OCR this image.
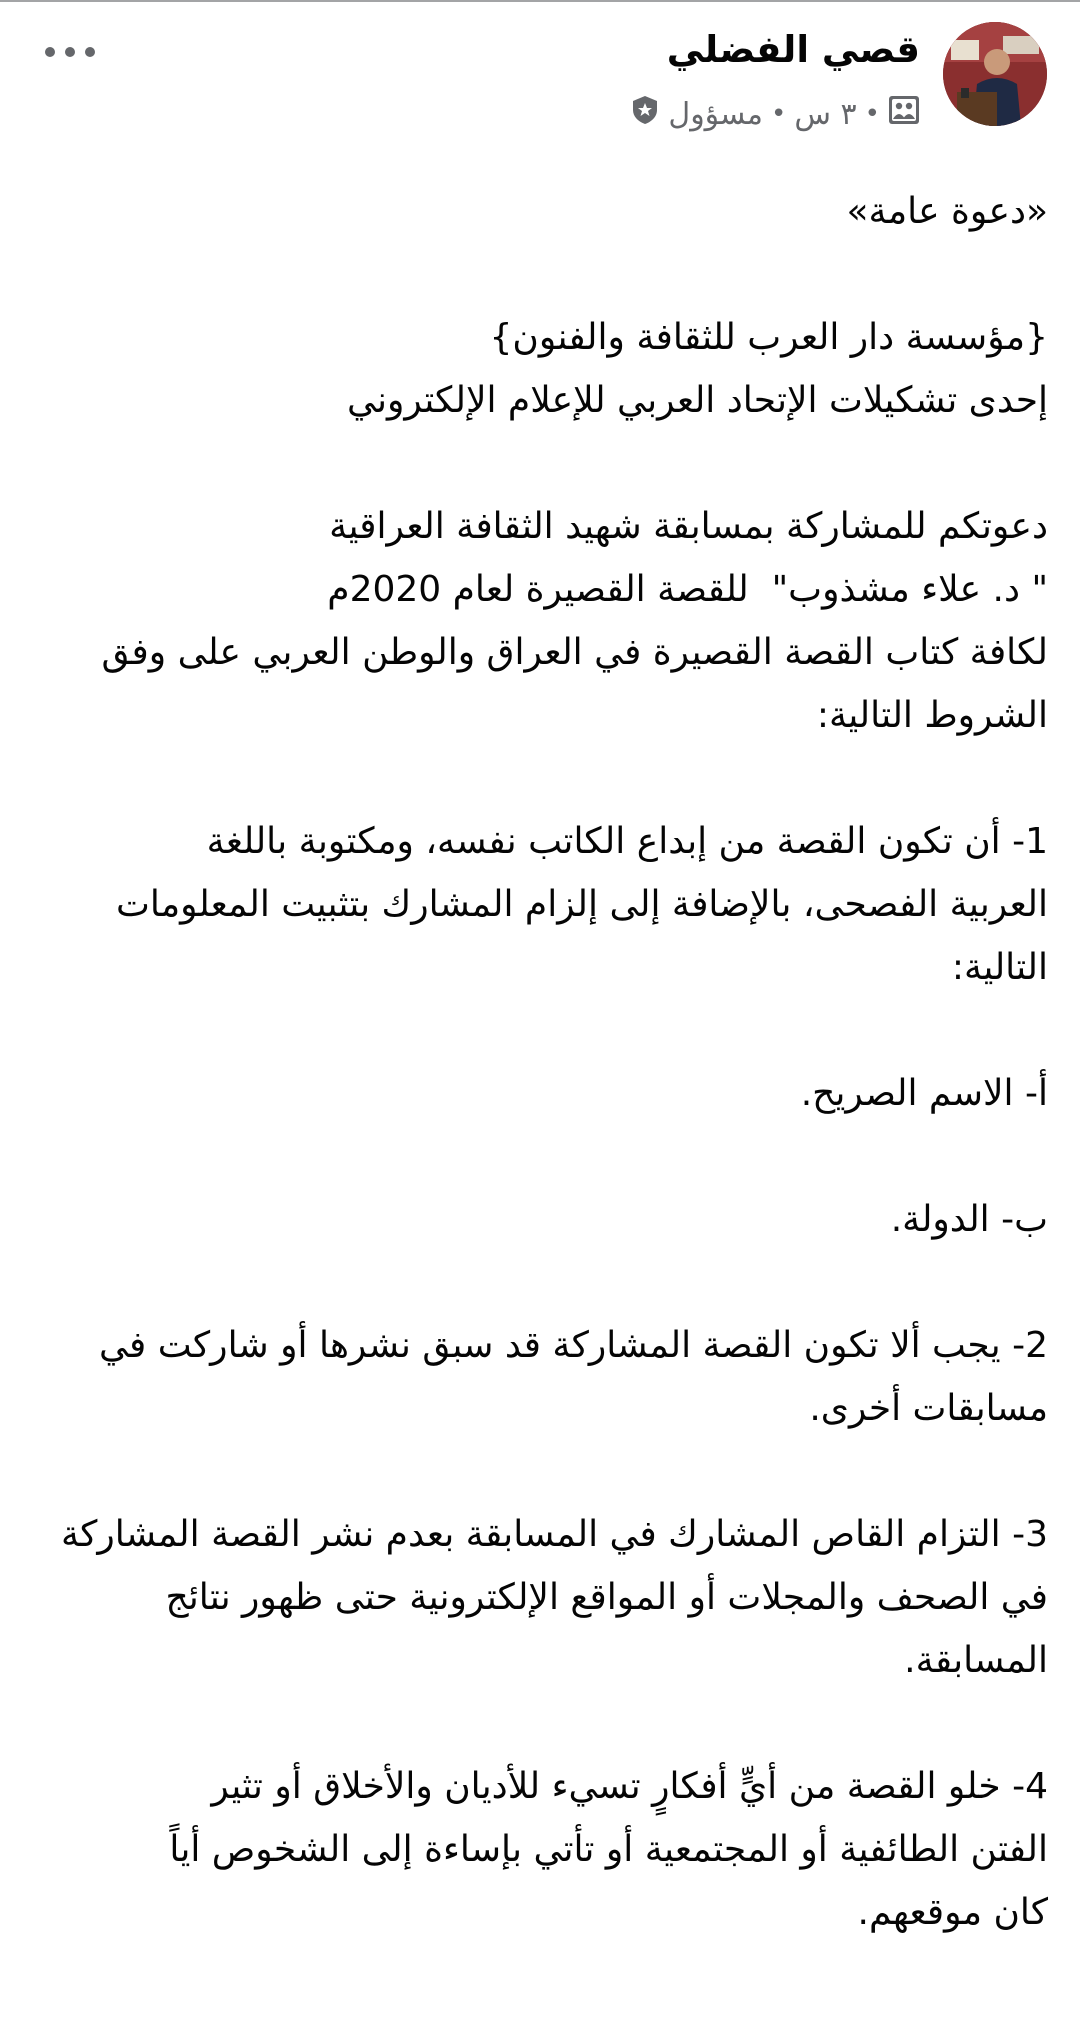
قصي الفضلي
مسؤول • ٣ س •

«دعوة عامة»

{مؤسسة دار العرب للثقافة والفنون}

إحدى تشكيلات الإتحاد العربي للإعلام الإلكتروني

دعوتكم للمشاركة بمسابقة شهيد الثقافة العراقية

" د. علاء مشذوب"  للقصة القصيرة لعام 2020م

لكافة كتاب القصة القصيرة في العراق والوطن العربي على وفق

الشروط التالية:

1- أن تكون القصة من إبداع الكاتب نفسه، ومكتوبة باللغة

العربية الفصحى، بالإضافة إلى إلزام المشارك بتثبيت المعلومات

التالية:

أ- الاسم الصريح.

ب- الدولة.

2- يجب ألا تكون القصة المشاركة قد سبق نشرها أو شاركت في

مسابقات أخرى.

3- التزام القاص المشارك في المسابقة بعدم نشر القصة المشاركة

في الصحف والمجلات أو المواقع الإلكترونية حتى ظهور نتائج

المسابقة.

4- خلو القصة من أيٍّ أفكارٍ تسيء للأديان والأخلاق أو تثير

الفتن الطائفية أو المجتمعية أو تأتي بإساءة إلى الشخوص أياً

كان موقعهم.
